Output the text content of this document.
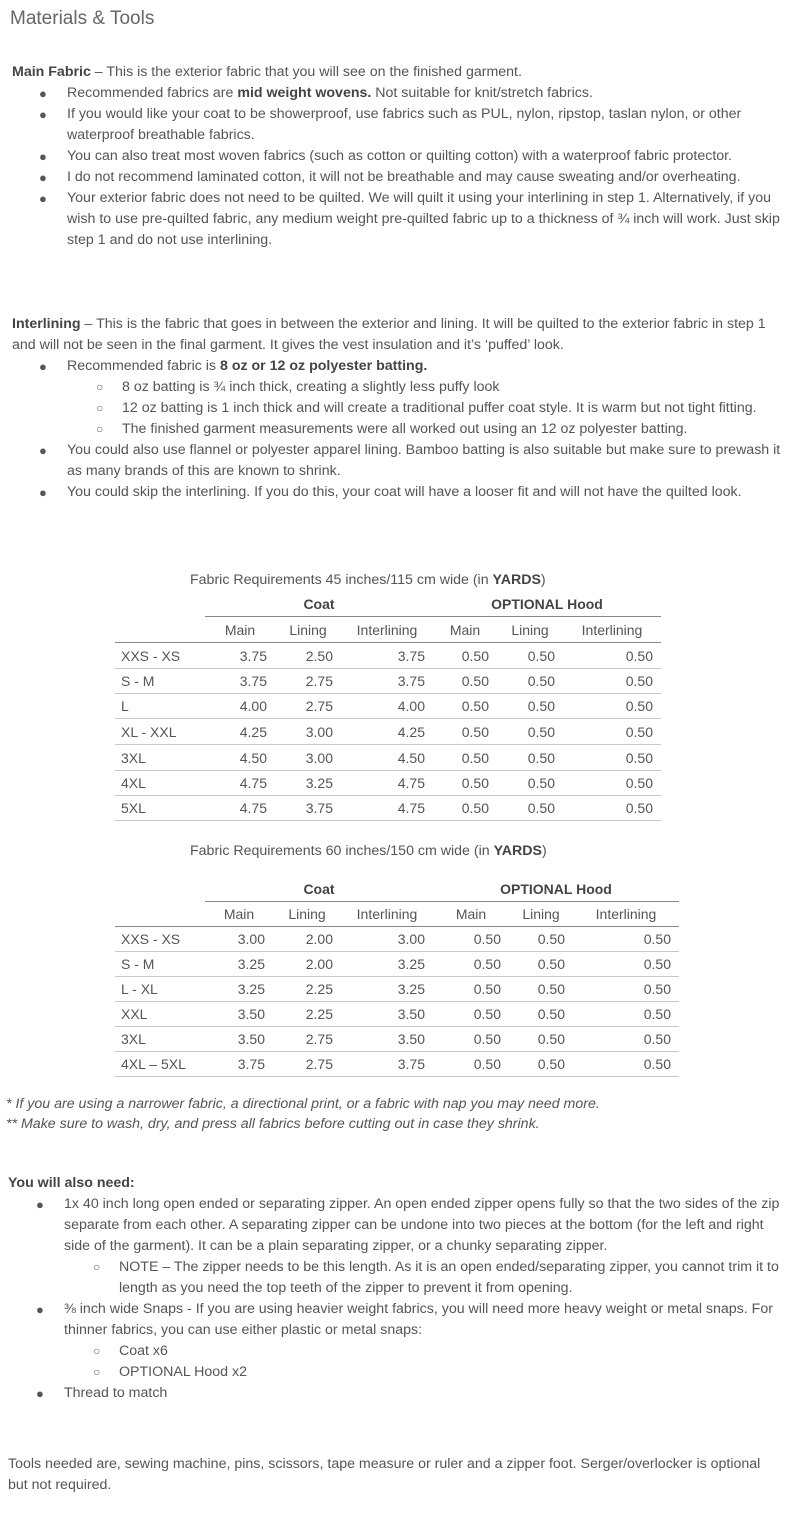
Materials & Tools

Main Fabric – This is the exterior fabric that you will see on the finished garment.

● Recommended fabrics are mid weight wovens. Not suitable for knit/stretch fabrics.
● If you would like your coat to be showerproof, use fabrics such as PUL, nylon, ripstop, taslan nylon, or other waterproof breathable fabrics.
● You can also treat most woven fabrics (such as cotton or quilting cotton) with a waterproof fabric protector.
● I do not recommend laminated cotton, it will not be breathable and may cause sweating and/or overheating.
● Your exterior fabric does not need to be quilted. We will quilt it using your interlining in step 1. Alternatively, if you wish to use pre-quilted fabric, any medium weight pre-quilted fabric up to a thickness of ¾ inch will work. Just skip step 1 and do not use interlining.

Interlining – This is the fabric that goes in between the exterior and lining. It will be quilted to the exterior fabric in step 1 and will not be seen in the final garment. It gives the vest insulation and it’s ‘puffed’ look.

● Recommended fabric is 8 oz or 12 oz polyester batting.
○ 8 oz batting is ¾ inch thick, creating a slightly less puffy look
○ 12 oz batting is 1 inch thick and will create a traditional puffer coat style. It is warm but not tight fitting.
○ The finished garment measurements were all worked out using an 12 oz polyester batting.
● You could also use flannel or polyester apparel lining. Bamboo batting is also suitable but make sure to prewash it as many brands of this are known to shrink.
● You could skip the interlining. If you do this, your coat will have a looser fit and will not have the quilted look.
Fabric Requirements 45 inches/115 cm wide (in YARDS)
	Coat			OPTIONAL Hood		
	Main	Lining	Interlining	Main	Lining	Interlining
XXS - XS	3.75	2.50	3.75	0.50	0.50	0.50
S - M	3.75	2.75	3.75	0.50	0.50	0.50
L	4.00	2.75	4.00	0.50	0.50	0.50
XL - XXL	4.25	3.00	4.25	0.50	0.50	0.50
3XL	4.50	3.00	4.50	0.50	0.50	0.50
4XL	4.75	3.25	4.75	0.50	0.50	0.50
5XL	4.75	3.75	4.75	0.50	0.50	0.50
Fabric Requirements 60 inches/150 cm wide (in YARDS)
	Coat			OPTIONAL Hood		
	Main	Lining	Interlining	Main	Lining	Interlining
XXS - XS	3.00	2.00	3.00	0.50	0.50	0.50
S - M	3.25	2.00	3.25	0.50	0.50	0.50
L - XL	3.25	2.25	3.25	0.50	0.50	0.50
XXL	3.50	2.25	3.50	0.50	0.50	0.50
3XL	3.50	2.75	3.50	0.50	0.50	0.50
4XL – 5XL	3.75	2.75	3.75	0.50	0.50	0.50

* If you are using a narrower fabric, a directional print, or a fabric with nap you may need more.

** Make sure to wash, dry, and press all fabrics before cutting out in case they shrink.

You will also need:

● 1x 40 inch long open ended or separating zipper. An open ended zipper opens fully so that the two sides of the zip separate from each other. A separating zipper can be undone into two pieces at the bottom (for the left and right side of the garment). It can be a plain separating zipper, or a chunky separating zipper.
○ NOTE – The zipper needs to be this length. As it is an open ended/separating zipper, you cannot trim it to length as you need the top teeth of the zipper to prevent it from opening.
● ⅜ inch wide Snaps - If you are using heavier weight fabrics, you will need more heavy weight or metal snaps. For thinner fabrics, you can use either plastic or metal snaps:
○ Coat x6
○ OPTIONAL Hood x2
● Thread to match

Tools needed are, sewing machine, pins, scissors, tape measure or ruler and a zipper foot. Serger/overlocker is optional but not required.
